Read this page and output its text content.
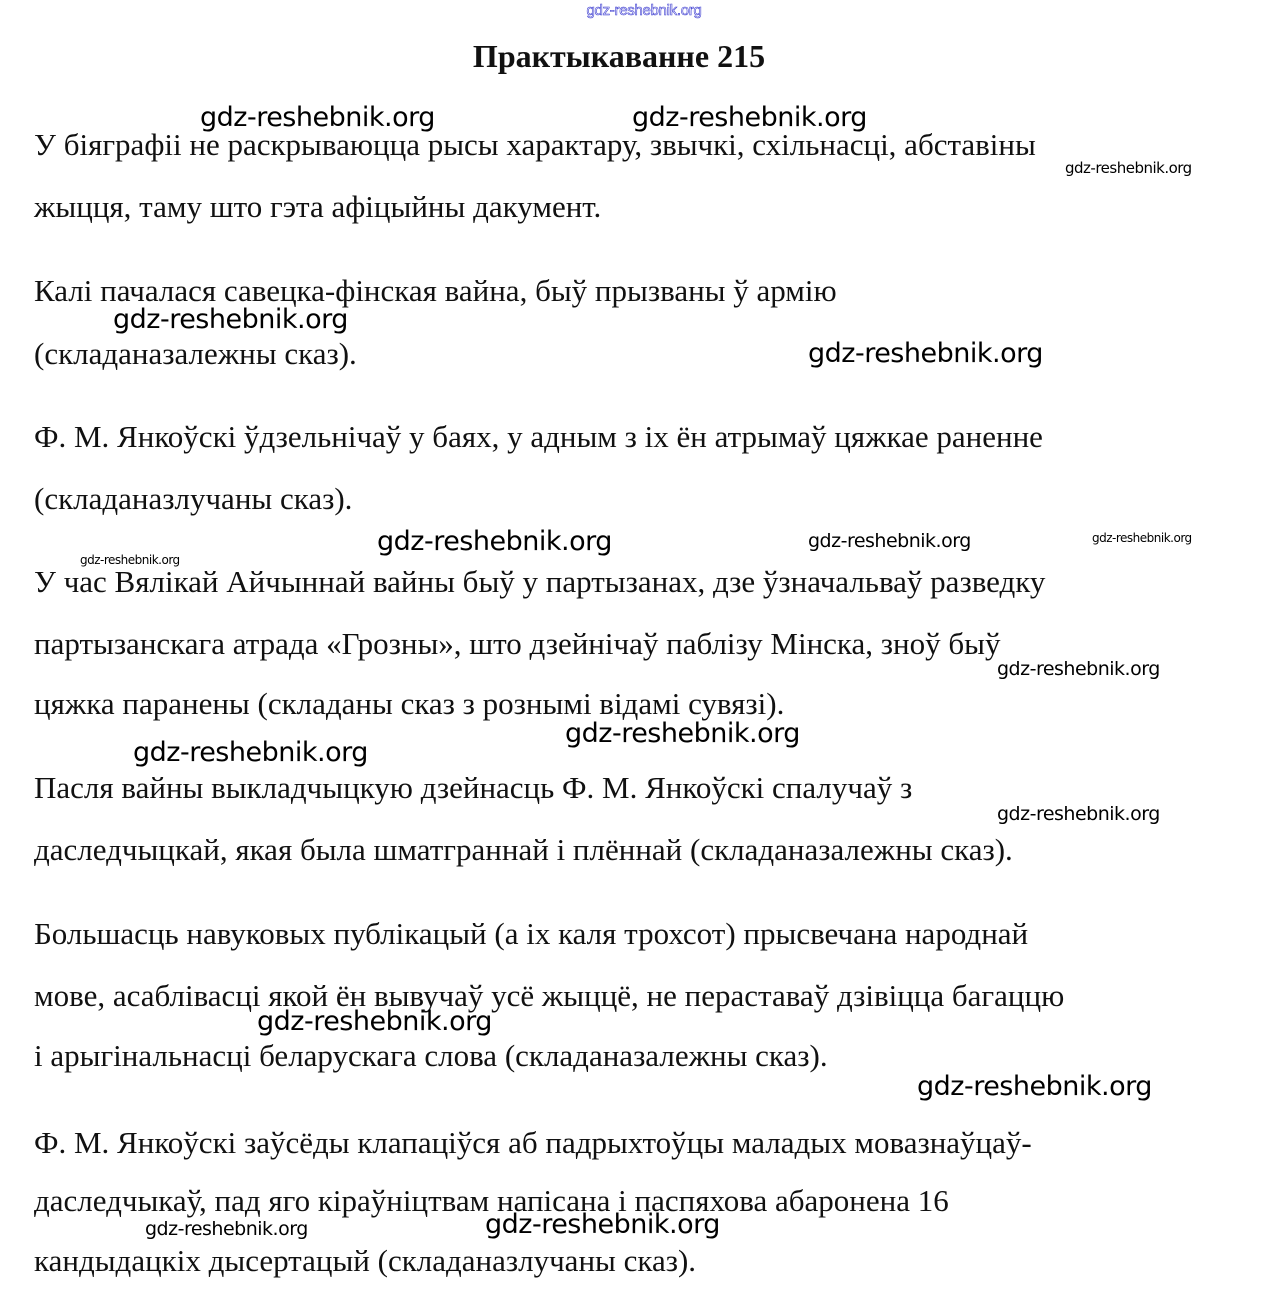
gdz-reshebnik.org
Практыкаванне 215
У біяграфіі не раскрываюцца рысы характару, звычкі, схільнасці, абставіны
жыцця, таму што гэта афіцыйны дакумент.
Калі пачалася савецка-фінская вайна, быў прызваны ў армію
(складаназалежны сказ).
Ф. М. Янкоўскі ўдзельнічаў у баях, у адным з іх ён атрымаў цяжкае раненне
(складаназлучаны сказ).
У час Вялікай Айчыннай вайны быў у партызанах, дзе ўзначальваў разведку
партызанскага атрада «Грозны», што дзейнічаў паблізу Мінска, зноў быў
цяжка паранены (складаны сказ з рознымі відамі сувязі).
Пасля вайны выкладчыцкую дзейнасць Ф. М. Янкоўскі спалучаў з
даследчыцкай, якая была шматграннай і плённай (складаназалежны сказ).
Большасць навуковых публікацый (а іх каля трохсот) прысвечана народнай
мове, асаблівасці якой ён вывучаў усё жыццё, не пераставаў дзівіцца багаццю
і арыгінальнасці беларускага слова (складаназалежны сказ).
Ф. М. Янкоўскі заўсёды клапаціўся аб падрыхтоўцы маладых мовазнаўцаў-
даследчыкаў, пад яго кіраўніцтвам напісана і паспяхова абаронена 16
кандыдацкіх дысертацый (складаназлучаны сказ).
gdz-reshebnik.org	gdz-reshebnik.org
gdz-reshebnik.org
gdz-reshebnik.org
gdz-reshebnik.org
gdz-reshebnik.org
gdz-reshebnik.org	gdz-reshebnik.org	gdz-reshebnik.org
gdz-reshebnik.org
gdz-reshebnik.org
gdz-reshebnik.org
gdz-reshebnik.org
gdz-reshebnik.org
gdz-reshebnik.org
gdz-reshebnik.org	gdz-reshebnik.org
